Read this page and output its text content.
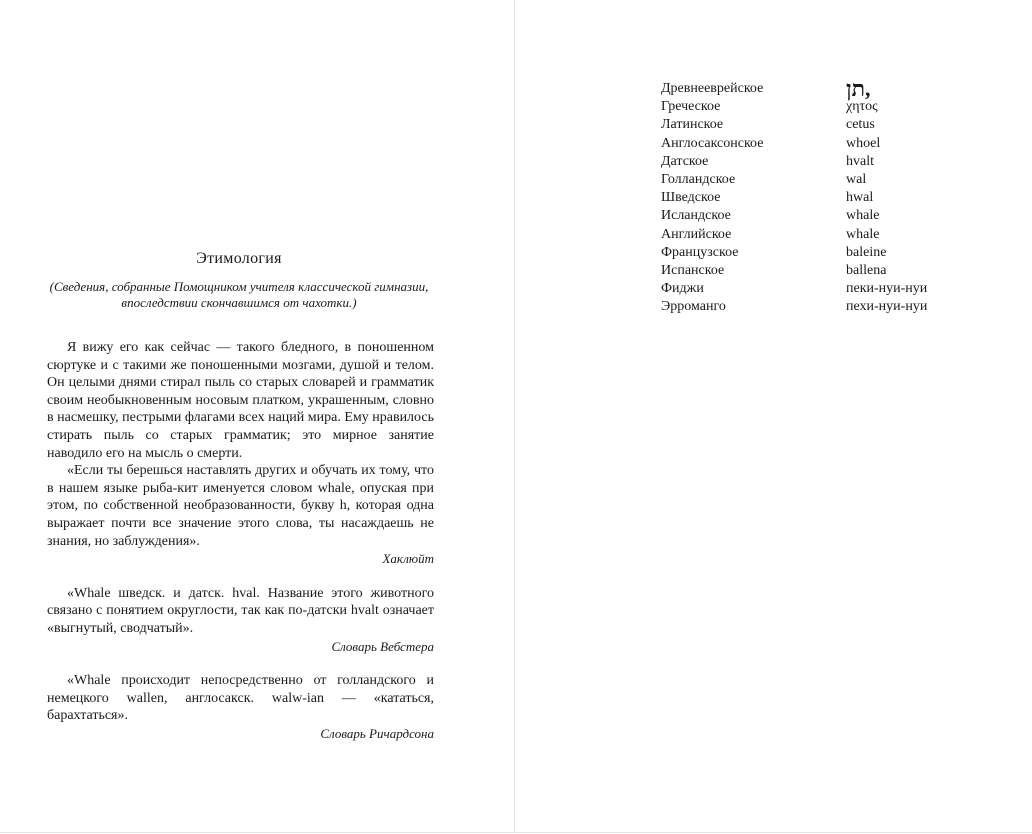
Этимология
(Сведения, собранные Помощником учителя классической гимназии, впоследствии скончавшимся от чахотки.)

Я вижу его как сейчас — такого бледного, в поношенном сюртуке и с такими же поношенными мозгами, душой и телом. Он целыми днями стирал пыль со старых словарей и грамматик своим необыкновенным носовым платком, украшенным, словно в насмешку, пестрыми флагами всех наций мира. Ему нравилось стирать пыль со старых грамматик; это мирное занятие наводило его на мысль о смерти.

«Если ты берешься наставлять других и обучать их тому, что в нашем языке рыба-кит именуется словом whale, опуская при этом, по собственной необразованности, букву h, которая одна выражает почти все значение этого слова, ты насаждаешь не знания, но заблуждения».

Хаклюйт

«Whale шведск. и датск. hval. Название этого животного связано с понятием округлости, так как по-датски hvalt означает «выгнутый, сводчатый».

Словарь Вебстера

«Whale происходит непосредственно от голландского и немецкого wallen, англосакск. walw-ian — «кататься, барахтаться».

Словарь Ричардсона

Древнееврейское	תן,
Греческое	χητος
Латинское	cetus
Англосаксонское	whoel
Датское	hvalt
Голландское	wal
Шведское	hwal
Исландское	whale
Английское	whale
Французское	baleine
Испанское	ballena
Фиджи	пеки-нуи-нуи
Эрроманго	пехи-нуи-нуи
